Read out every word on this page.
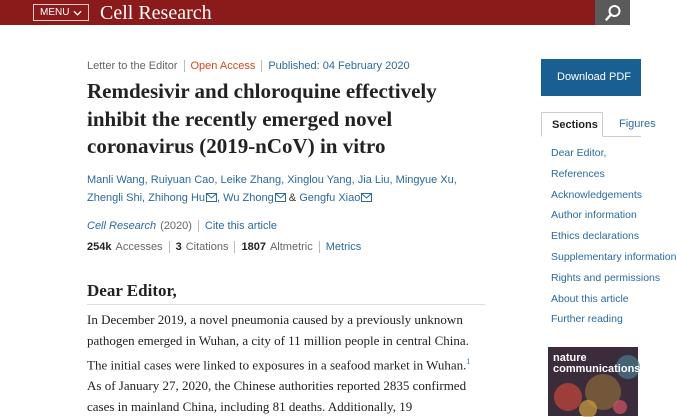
MENU Cell Research
Letter to the Editor Open Access Published: 04 February 2020
Remdesivir and chloroquine effectively inhibit the recently emerged novel coronavirus (2019-nCoV) in vitro
Manli Wang, Ruiyuan Cao, Leike Zhang, Xinglou Yang, Jia Liu, Mingyue Xu, Zhengli Shi, Zhihong Hu , Wu Zhong & Gengfu Xiao
Cell Research (2020) Cite this article
254k Accesses 3 Citations 1807 Altmetric Metrics
Dear Editor,

In December 2019, a novel pneumonia caused by a previously unknown pathogen emerged in Wuhan, a city of 11 million people in central China. The initial cases were linked to exposures in a seafood market in Wuhan.$^1$ As of January 27, 2020, the Chinese authorities reported 2835 confirmed cases in mainland China, including 81 deaths. Additionally, 19

Download PDF
Sections	Figures
Dear Editor,
References
Acknowledgements
Author information
Ethics declarations
Supplementary information
Rights and permissions
About this article
Further reading
nature
communications
